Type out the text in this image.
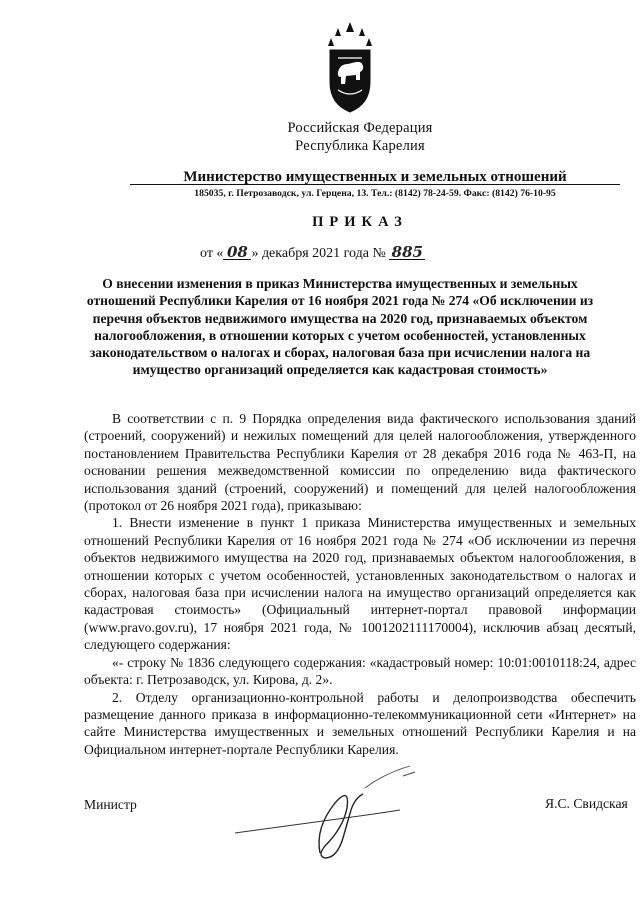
Российская Федерация
Республика Карелия
Министерство имущественных и земельных отношений
185035, г. Петрозаводск, ул. Герцена, 13. Тел.: (8142) 78-24-59. Факс: (8142) 76-10-95
ПРИКАЗ
от « 08 » декабря 2021 года № 885
О внесении изменения в приказ Министерства имущественных и земельных
отношений Республики Карелия от 16 ноября 2021 года № 274 «Об исключении из
перечня объектов недвижимого имущества на 2020 год, признаваемых объектом
налогообложения, в отношении которых с учетом особенностей, установленных
законодательством о налогах и сборах, налоговая база при исчислении налога на
имущество организаций определяется как кадастровая стоимость»

В соответствии с п. 9 Порядка определения вида фактического использования зданий (строений, сооружений) и нежилых помещений для целей налогообложения, утвержденного постановлением Правительства Республики Карелия от 28 декабря 2016 года № 463-П, на основании решения межведомственной комиссии по определению вида фактического использования зданий (строений, сооружений) и помещений для целей налогообложения (протокол от 26 ноября 2021 года), приказываю:

1. Внести изменение в пункт 1 приказа Министерства имущественных и земельных отношений Республики Карелия от 16 ноября 2021 года № 274 «Об исключении из перечня объектов недвижимого имущества на 2020 год, признаваемых объектом налогообложения, в отношении которых с учетом особенностей, установленных законодательством о налогах и сборах, налоговая база при исчислении налога на имущество организаций определяется как кадастровая стоимость» (Официальный интернет-портал правовой информации (www.pravo.gov.ru), 17 ноября 2021 года, № 1001202111170004), исключив абзац десятый, следующего содержания:

«- строку № 1836 следующего содержания: «кадастровый номер: 10:01:0010118:24, адрес объекта: г. Петрозаводск, ул. Кирова, д. 2».

2. Отделу организационно-контрольной работы и делопроизводства обеспечить размещение данного приказа в информационно-телекоммуникационной сети «Интернет» на сайте Министерства имущественных и земельных отношений Республики Карелия и на Официальном интернет-портале Республики Карелия.

Министр	Я.С. Свидская
